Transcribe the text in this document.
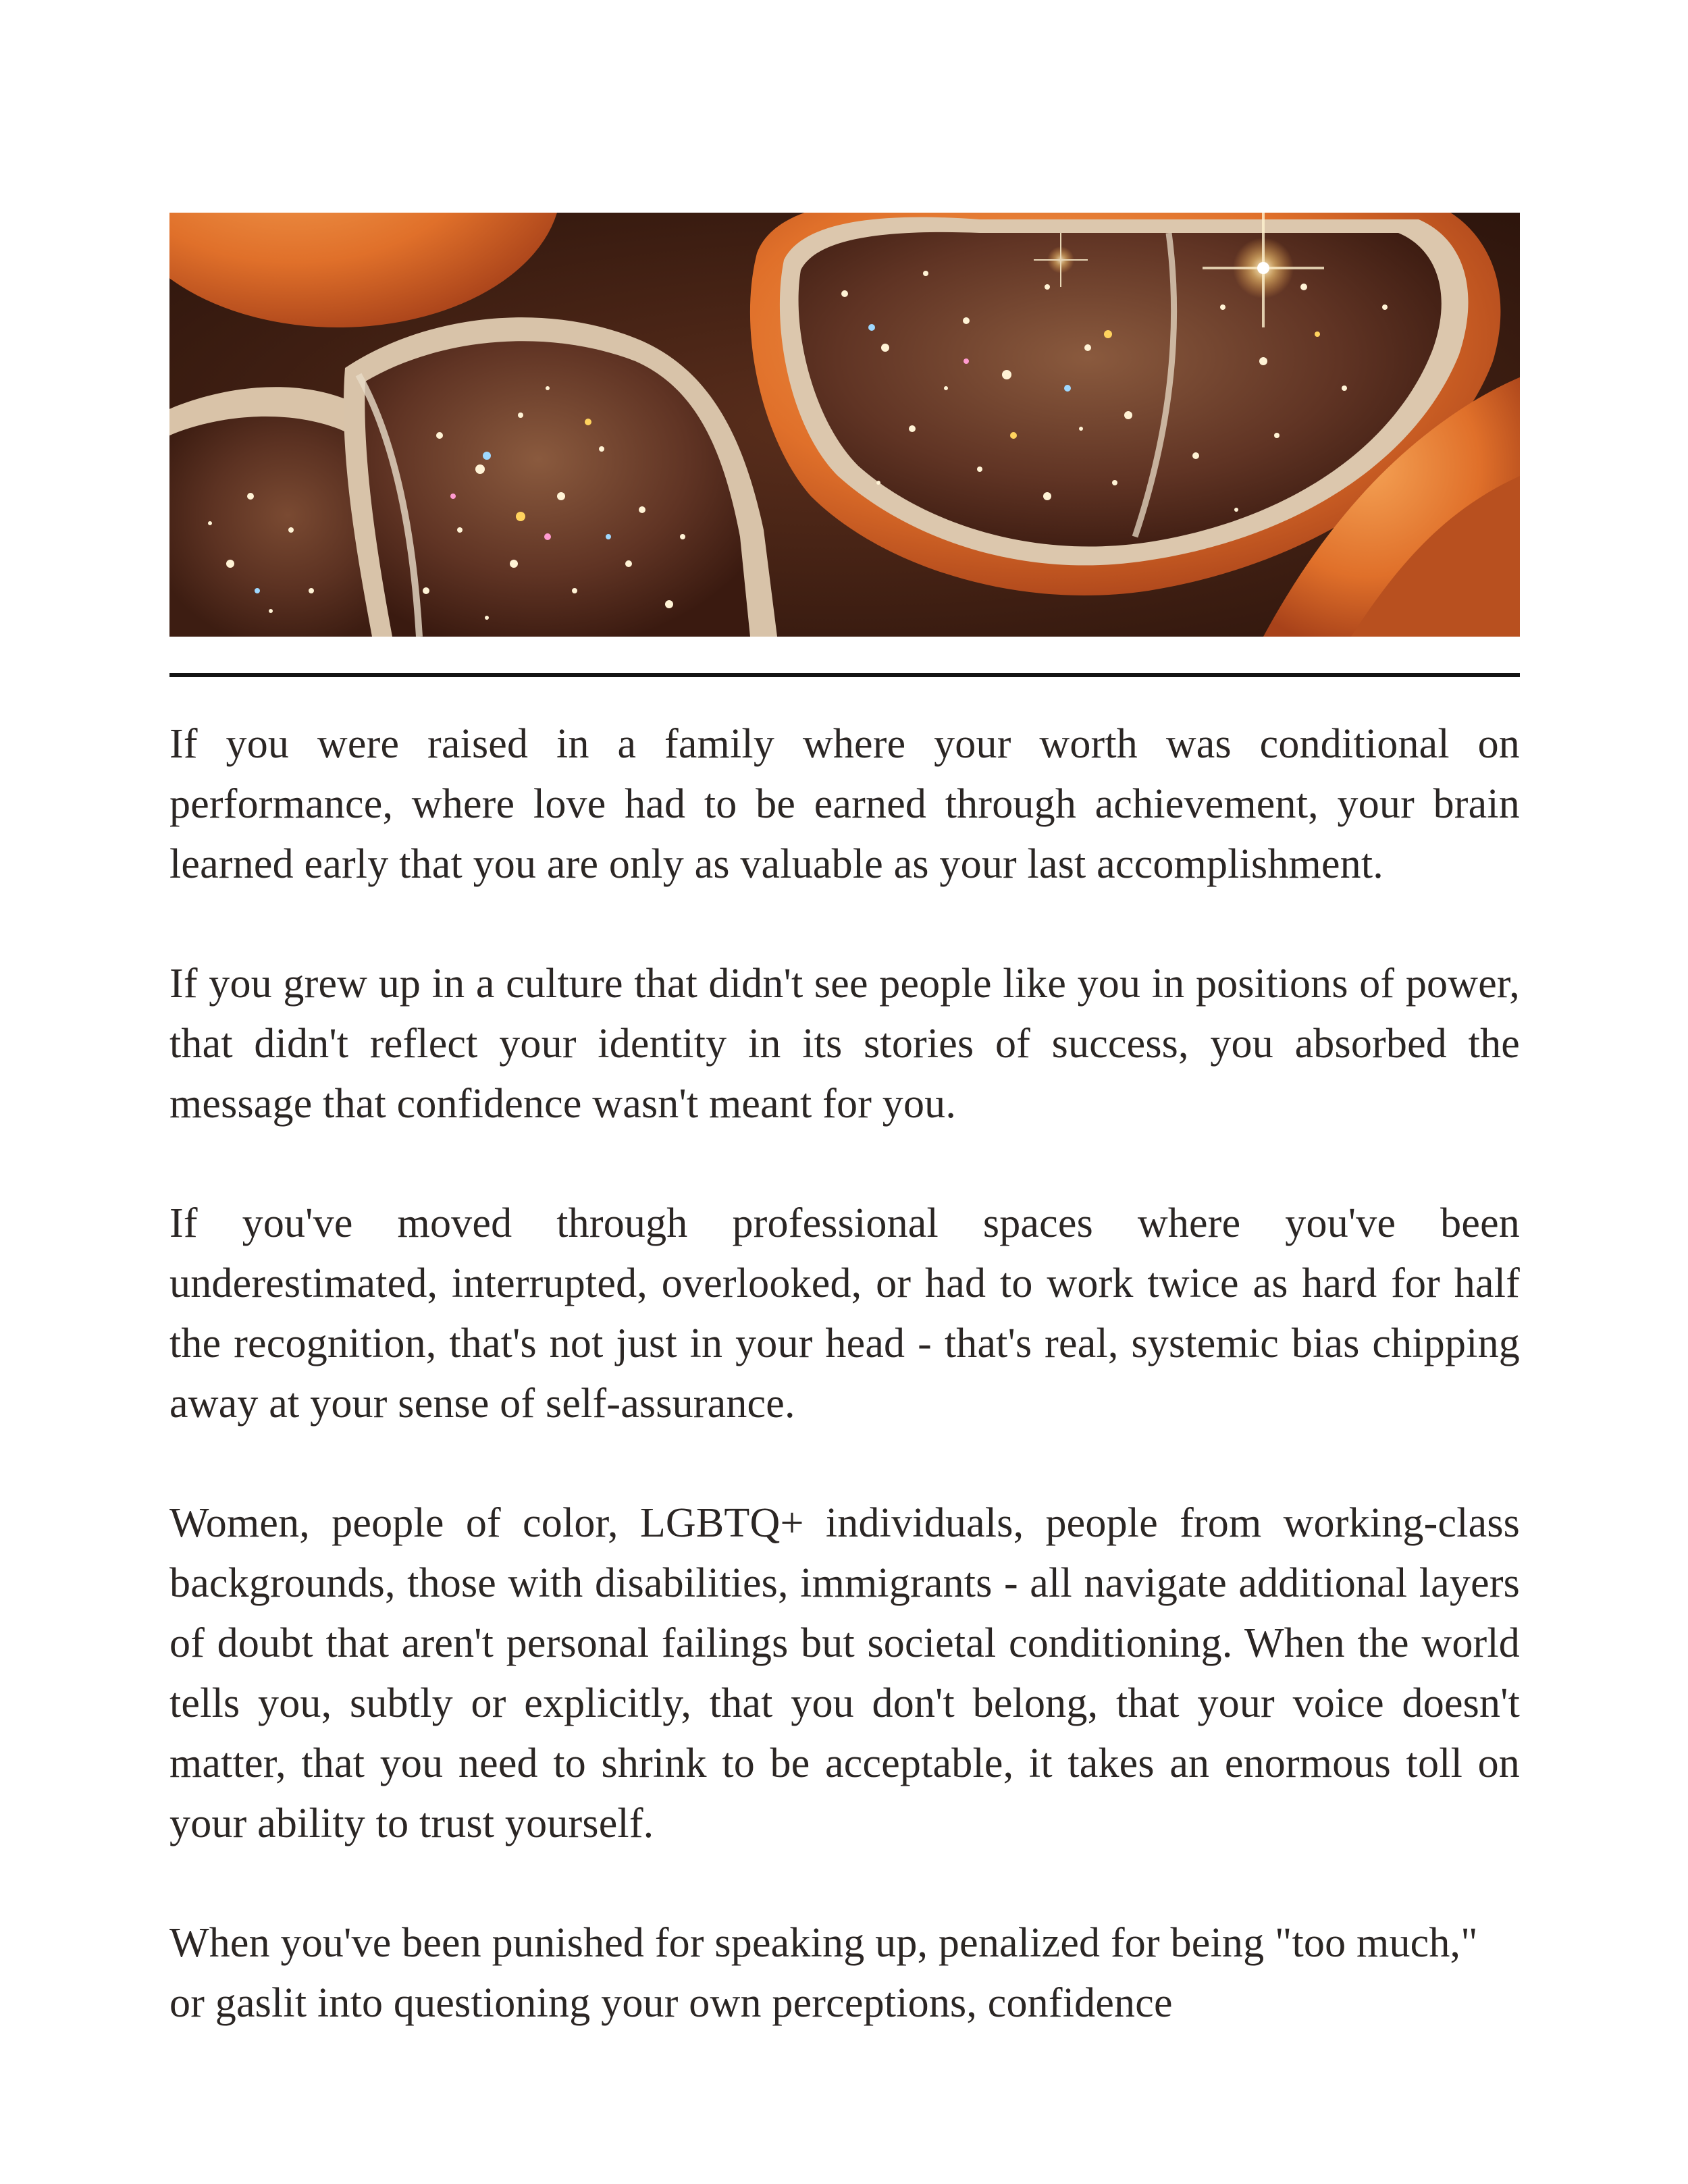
If you were raised in a family where your worth was conditional on performance, where love had to be earned through achievement, your brain learned early that you are only as valuable as your last accomplishment.

If you grew up in a culture that didn't see people like you in positions of power, that didn't reflect your identity in its stories of success, you absorbed the message that confidence wasn't meant for you.

If you've moved through professional spaces where you've been underestimated, interrupted, overlooked, or had to work twice as hard for half the recognition, that's not just in your head - that's real, systemic bias chipping away at your sense of self-assurance.

Women, people of color, LGBTQ+ individuals, people from working-class backgrounds, those with disabilities, immigrants - all navigate additional layers of doubt that aren't personal failings but societal conditioning. When the world tells you, subtly or explicitly, that you don't belong, that your voice doesn't matter, that you need to shrink to be acceptable, it takes an enormous toll on your ability to trust yourself.

When you've been punished for speaking up, penalized for being "too much," or gaslit into questioning your own perceptions, confidence
